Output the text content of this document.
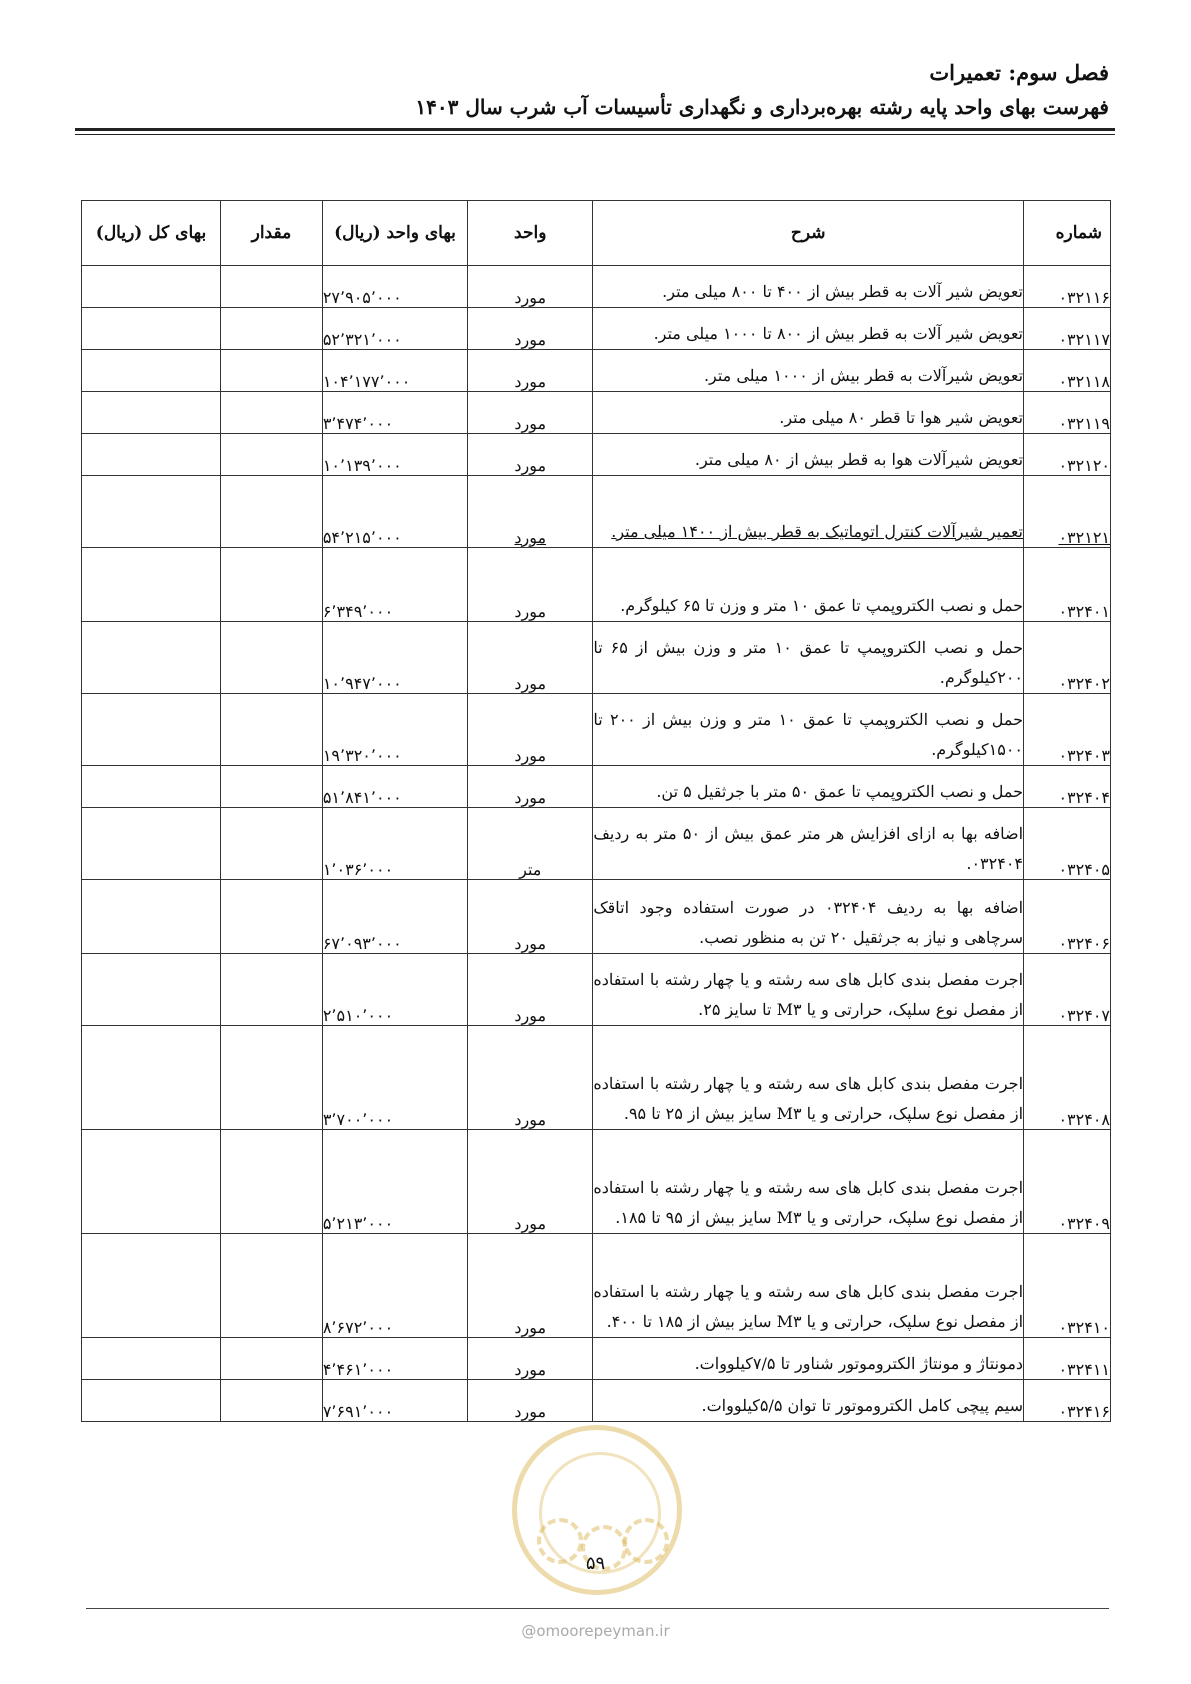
فصل سوم: تعمیرات
فهرست بهای واحد پایه رشته بهره‌برداری و نگهداری تأسیسات آب شرب سال ۱۴۰۳
شماره	شرح	واحد	بهای واحد (ریال)	مقدار	بهای کل (ریال)
۰۳۲۱۱۶	تعویض شیر آلات به قطر بیش از ۴۰۰ تا ۸۰۰ میلی متر.	مورد	۲۷٬۹۰۵٬۰۰۰		
۰۳۲۱۱۷	تعویض شیر آلات به قطر بیش از ۸۰۰ تا ۱۰۰۰ میلی متر.	مورد	۵۲٬۳۲۱٬۰۰۰		
۰۳۲۱۱۸	تعویض شیرآلات به قطر بیش از ۱۰۰۰ میلی متر.	مورد	۱۰۴٬۱۷۷٬۰۰۰		
۰۳۲۱۱۹	تعویض شیر هوا تا قطر ۸۰ میلی متر.	مورد	۳٬۴۷۴٬۰۰۰		
۰۳۲۱۲۰	تعویض شیرآلات هوا به قطر بیش از ۸۰ میلی متر.	مورد	۱۰٬۱۳۹٬۰۰۰		
۰۳۲۱۲۱	تعمیر شیرآلات کنترل اتوماتیک به قطر بیش از ۱۴۰۰ میلی متر.	مورد	۵۴٬۲۱۵٬۰۰۰		
۰۳۲۴۰۱	حمل و نصب الکتروپمپ تا عمق ۱۰ متر و وزن تا ۶۵ کیلوگرم.	مورد	۶٬۳۴۹٬۰۰۰		
۰۳۲۴۰۲	حمل و نصب الکتروپمپ تا عمق ۱۰ متر و وزن بیش از ۶۵ تا ۲۰۰کیلوگرم.	مورد	۱۰٬۹۴۷٬۰۰۰		
۰۳۲۴۰۳	حمل و نصب الکتروپمپ تا عمق ۱۰ متر و وزن بیش از ۲۰۰ تا ۱۵۰۰کیلوگرم.	مورد	۱۹٬۳۲۰٬۰۰۰		
۰۳۲۴۰۴	حمل و نصب الکتروپمپ تا عمق ۵۰ متر با جرثقیل ۵ تن.	مورد	۵۱٬۸۴۱٬۰۰۰		
۰۳۲۴۰۵	اضافه بها به ازای افزایش هر متر عمق بیش از ۵۰ متر به ردیف ۰۳۲۴۰۴.	متر	۱٬۰۳۶٬۰۰۰		
۰۳۲۴۰۶	اضافه بها به ردیف ۰۳۲۴۰۴ در صورت استفاده وجود اتاقک سرچاهی و نیاز به جرثقیل ۲۰ تن به منظور نصب.	مورد	۶۷٬۰۹۳٬۰۰۰		
۰۳۲۴۰۷	اجرت مفصل بندی کابل های سه رشته و یا چهار رشته با استفاده از مفصل نوع سلپک، حرارتی و یا M۳ تا سایز ۲۵.	مورد	۲٬۵۱۰٬۰۰۰		
۰۳۲۴۰۸	اجرت مفصل بندی کابل های سه رشته و یا چهار رشته با استفاده از مفصل نوع سلپک، حرارتی و یا M۳ سایز بیش از ۲۵ تا ۹۵.	مورد	۳٬۷۰۰٬۰۰۰		
۰۳۲۴۰۹	اجرت مفصل بندی کابل های سه رشته و یا چهار رشته با استفاده از مفصل نوع سلپک، حرارتی و یا M۳ سایز بیش از ۹۵ تا ۱۸۵.	مورد	۵٬۲۱۳٬۰۰۰		
۰۳۲۴۱۰	اجرت مفصل بندی کابل های سه رشته و یا چهار رشته با استفاده از مفصل نوع سلپک، حرارتی و یا M۳ سایز بیش از ۱۸۵ تا ۴۰۰.	مورد	۸٬۶۷۲٬۰۰۰		
۰۳۲۴۱۱	دمونتاژ و مونتاژ الکتروموتور شناور تا ۷/۵کیلووات.	مورد	۴٬۴۶۱٬۰۰۰		
۰۳۲۴۱۶	سیم پیچی کامل الکتروموتور تا توان ۵/۵کیلووات.	مورد	۷٬۶۹۱٬۰۰۰		
۵۹
@omoorepeyman.ir
